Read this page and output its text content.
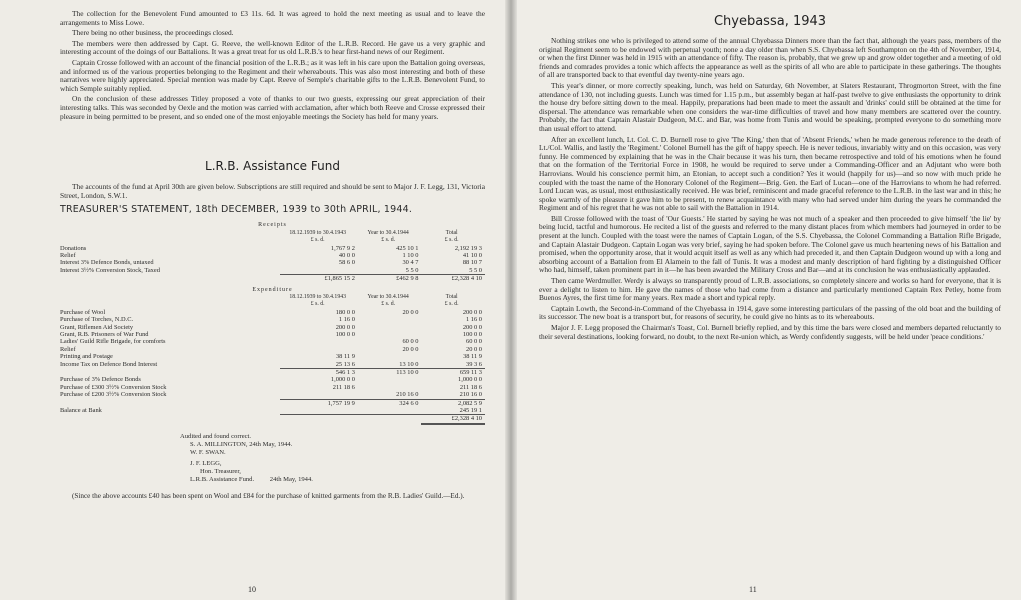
The collection for the Benevolent Fund amounted to £3 11s. 6d. It was agreed to hold the next meeting as usual and to leave the arrangements to Miss Lowe.

There being no other business, the proceedings closed.

The members were then addressed by Capt. G. Reeve, the well-known Editor of the L.R.B. Record. He gave us a very graphic and interesting account of the doings of our Battalions. It was a great treat for us old L.R.B.'s to hear first-hand news of our Regiment.

Captain Crosse followed with an account of the financial position of the L.R.B.; as it was left in his care upon the Battalion going overseas, and informed us of the various properties belonging to the Regiment and their whereabouts. This was also most interesting and both of these narratives were highly appreciated. Special mention was made by Capt. Reeve of Semple's charitable gifts to the L.R.B. Benevolent Fund, to which Semple suitably replied.

On the conclusion of these addresses Titley proposed a vote of thanks to our two guests, expressing our great appreciation of their interesting talks. This was seconded by Oexle and the motion was carried with acclamation, after which both Reeve and Crosse expressed their pleasure in being permitted to be present, and so ended one of the most enjoyable meetings the Society has held for many years.

L.R.B. Assistance Fund

The accounts of the fund at April 30th are given below. Subscriptions are still required and should be sent to Major J. F. Legg, 131, Victoria Street, London, S.W.1.

TREASURER'S STATEMENT, 18th DECEMBER, 1939 to 30th APRIL, 1944.
Receipts			
	18.12.1939 to 30.4.1943	Year to 30.4.1944	Total
	£ s. d.	£ s. d.	£ s. d.
Donations	1,767 9 2	425 10 1	2,192 19 3
Relief	40 0 0	1 10 0	41 10 0
Interest 3% Defence Bonds, untaxed	58 6 0	30 4 7	88 10 7
Interest 3½% Conversion Stock, Taxed		5 5 0	5 5 0
	£1,865 15 2	£462 9 8	£2,328 4 10
Expenditure			
	18.12.1939 to 30.4.1943	Year to 30.4.1944	Total
	£ s. d.	£ s. d.	£ s. d.
Purchase of Wool	180 0 0	20 0 0	200 0 0
Purchase of Torches, N.D.C.	1 16 0		1 16 0
Grant, Riflemen Aid Society	200 0 0		200 0 0
Grant, R.B. Prisoners of War Fund	100 0 0		100 0 0
Ladies' Guild Rifle Brigade, for comforts		60 0 0	60 0 0
Relief		20 0 0	20 0 0
Printing and Postage	38 11 9		38 11 9
Income Tax on Defence Bond Interest	25 13 6	13 10 0	39 3 6
	546 1 3	113 10 0	659 11 3
Purchase of 3% Defence Bonds	1,000 0 0		1,000 0 0
Purchase of £300 3½% Conversion Stock	211 18 6		211 18 6
Purchase of £200 3½% Conversion Stock		210 16 0	210 16 0
	1,757 19 9	324 6 0	2,082 5 9
Balance at Bank			245 19 1
			£2,328 4 10
Audited and found correct.
S. A. MILLINGTON, 24th May, 1944.
W. F. SWAN.
J. F. LEGG,
Hon. Treasurer,
L.R.B. Assistance Fund. 24th May, 1944.
(Since the above accounts £40 has been spent on Wool and £84 for the purchase of knitted garments from the R.B. Ladies' Guild.—Ed.).
10
Chyebassa, 1943

Nothing strikes one who is privileged to attend some of the annual Chyebassa Dinners more than the fact that, although the years pass, members of the original Regiment seem to be endowed with perpetual youth; none a day older than when S.S. Chyebassa left Southampton on the 4th of November, 1914, or when the first Dinner was held in 1915 with an attendance of fifty. The reason is, probably, that we grew up and grow older together and a meeting of old friends and comrades provides a tonic which affects the appearance as well as the spirits of all who are able to participate in these gatherings. The thoughts of all are transported back to that eventful day twenty-nine years ago.

This year's dinner, or more correctly speaking, lunch, was held on Saturday, 6th November, at Slaters Restaurant, Throgmorton Street, with the fine attendance of 130, not including guests. Lunch was timed for 1.15 p.m., but assembly began at half-past twelve to give enthusiasts the opportunity to drink the house dry before sitting down to the meal. Happily, preparations had been made to meet the assault and 'drinks' could still be obtained at the time for dispersal. The attendance was remarkable when one considers the war-time difficulties of travel and how many members are scattered over the country. Probably, the fact that Captain Alastair Dudgeon, M.C. and Bar, was home from Tunis and would be speaking, prompted everyone to do something more than usual effort to attend.

After an excellent lunch, Lt. Col. C. D. Burnell rose to give 'The King,' then that of 'Absent Friends,' when he made generous reference to the death of Lt./Col. Wallis, and lastly the 'Regiment.' Colonel Burnell has the gift of happy speech. He is never tedious, invariably witty and on this occasion, was very funny. He commenced by explaining that he was in the Chair because it was his turn, then became retrospective and told of his emotions when he found that on the formation of the Territorial Force in 1908, he would be required to serve under a Commanding-Officer and an Adjutant who were both Harrovians. Would his conscience permit him, an Etonian, to accept such a condition? Yes it would (happily for us)—and so now with much pride he coupled with the toast the name of the Honorary Colonel of the Regiment—Brig. Gen. the Earl of Lucan—one of the Harrovians to whom he had referred. Lord Lucan was, as usual, most enthusiastically received. He was brief, reminiscent and made graceful reference to the L.R.B. in the last war and in this; he spoke warmly of the pleasure it gave him to be present, to renew acquaintance with many who had served under him during the years he commanded the Regiment and of his regret that he was not able to sail with the Battalion in 1914.

Bill Crosse followed with the toast of 'Our Guests.' He started by saying he was not much of a speaker and then proceeded to give himself 'the lie' by being lucid, tactful and humorous. He recited a list of the guests and referred to the many distant places from which members had journeyed in order to be present at the lunch. Coupled with the toast were the names of Captain Logan, of the S.S. Chyebassa, the Colonel Commanding a Battalion Rifle Brigade, and Captain Alastair Dudgeon. Captain Logan was very brief, saying he had spoken before. The Colonel gave us much heartening news of his Battalion and promised, when the opportunity arose, that it would acquit itself as well as any which had preceded it, and then Captain Dudgeon wound up with a long and absorbing account of a Battalion from El Alamein to the fall of Tunis. It was a modest and manly description of hard fighting by a distinguished Officer who had, himself, taken prominent part in it—he has been awarded the Military Cross and Bar—and at its conclusion he was enthusiastically applauded.

Then came Werdmuller. Werdy is always so transparently proud of L.R.B. associations, so completely sincere and works so hard for everyone, that it is ever a delight to listen to him. He gave the names of those who had come from a distance and particularly mentioned Captain Rex Petley, home from Buenos Ayres, the first time for many years. Rex made a short and typical reply.

Captain Lowth, the Second-in-Command of the Chyebassa in 1914, gave some interesting particulars of the passing of the old boat and the building of its successor. The new boat is a transport but, for reasons of security, he could give no hints as to its whereabouts.

Major J. F. Legg proposed the Chairman's Toast, Col. Burnell briefly replied, and by this time the bars were closed and members departed reluctantly to their several destinations, looking forward, no doubt, to the next Re-union which, as Werdy confidently suggests, will be held under 'peace conditions.'

11
